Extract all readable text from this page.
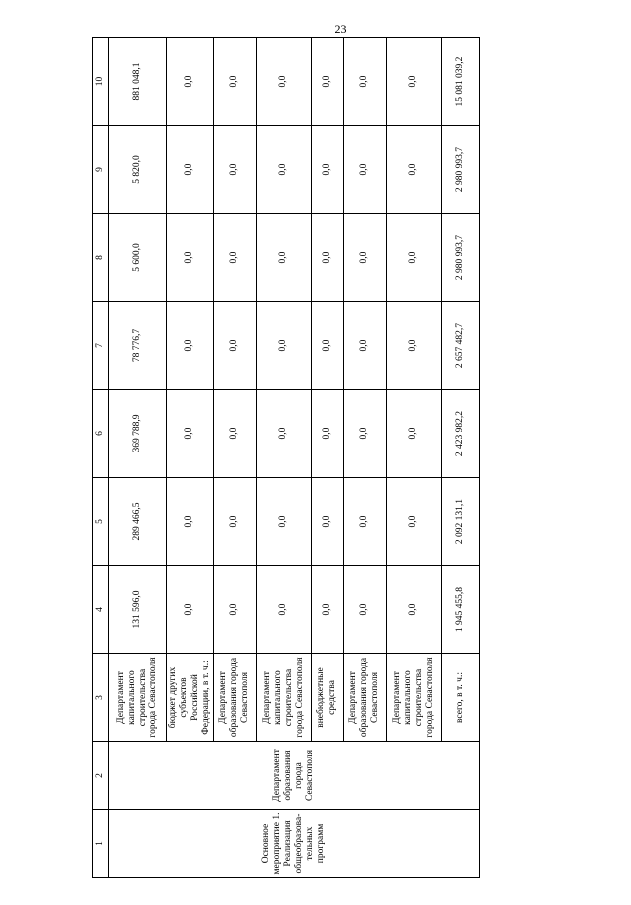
23
1	2	3	4	5	6	7	8	9	10
Основное мероприятие 1. Реализация общеобразова-тельных программ	Департамент образования города Севастополя	Департамент капитального строительства города Севастополя	131 596,0	289 466,5	369 788,9	78 776,7	5 600,0	5 820,0	881 048,1
		бюджет других субъектов Российской Федерации, в т. ч.:	0,0	0,0	0,0	0,0	0,0	0,0	0,0
		Департамент образования города Севастополя	0,0	0,0	0,0	0,0	0,0	0,0	0,0
		Департамент капитального строительства города Севастополя	0,0	0,0	0,0	0,0	0,0	0,0	0,0
		внебюджетные средства	0,0	0,0	0,0	0,0	0,0	0,0	0,0
		Департамент образования города Севастополя	0,0	0,0	0,0	0,0	0,0	0,0	0,0
		Департамент капитального строительства города Севастополя	0,0	0,0	0,0	0,0	0,0	0,0	0,0
		всего, в т. ч.:	1 945 455,8	2 092 131,1	2 423 982,2	2 657 482,7	2 980 993,7	2 980 993,7	15 081 039,2
